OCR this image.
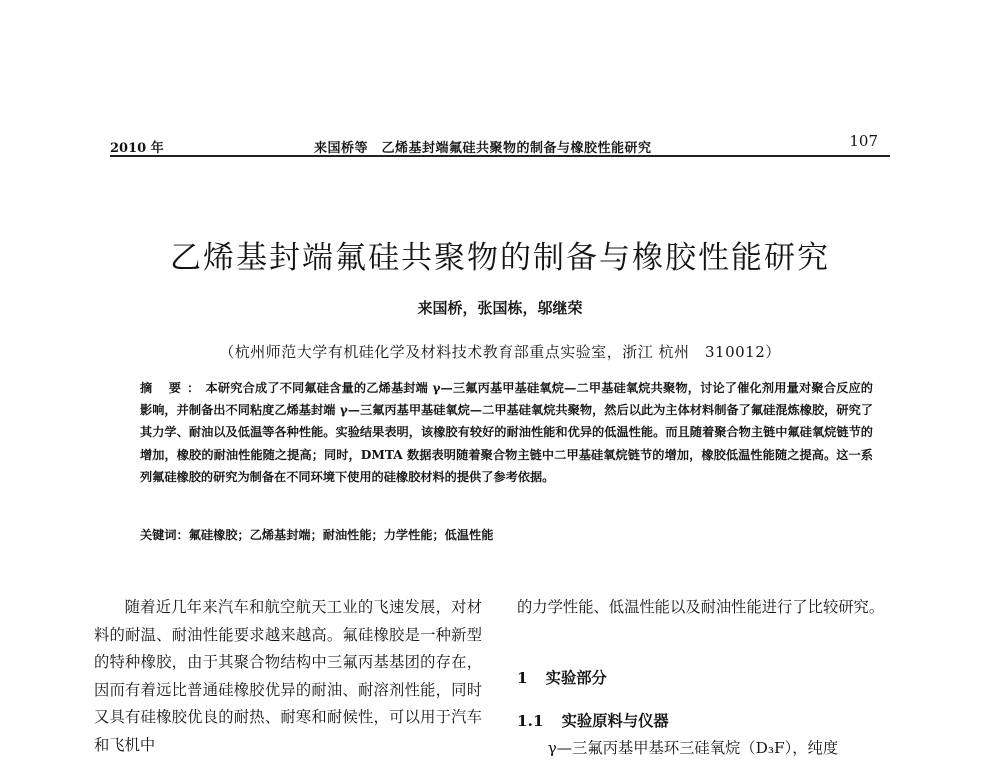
2010 年	来国桥等　乙烯基封端氟硅共聚物的制备与橡胶性能研究	107
乙烯基封端氟硅共聚物的制备与橡胶性能研究
来国桥，张国栋，邬继荣
（杭州师范大学有机硅化学及材料技术教育部重点实验室，浙江 杭州　310012）
摘 要：本研究合成了不同氟硅含量的乙烯基封端 γ—三氟丙基甲基硅氧烷—二甲基硅氧烷共聚物，讨论了催化剂用量对聚合反应的影响，并制备出不同粘度乙烯基封端 γ—三氟丙基甲基硅氧烷—二甲基硅氧烷共聚物，然后以此为主体材料制备了氟硅混炼橡胶，研究了其力学、耐油以及低温等各种性能。实验结果表明，该橡胶有较好的耐油性能和优异的低温性能。而且随着聚合物主链中氟硅氧烷链节的增加，橡胶的耐油性能随之提高；同时，DMTA 数据表明随着聚合物主链中二甲基硅氧烷链节的增加，橡胶低温性能随之提高。这一系列氟硅橡胶的研究为制备在不同环境下使用的硅橡胶材料的提供了参考依据。
关键词：氟硅橡胶；乙烯基封端；耐油性能；力学性能；低温性能

随着近几年来汽车和航空航天工业的飞速发展，对材料的耐温、耐油性能要求越来越高。氟硅橡胶是一种新型的特种橡胶，由于其聚合物结构中三氟丙基基团的存在，因而有着远比普通硅橡胶优异的耐油、耐溶剂性能，同时又具有硅橡胶优良的耐热、耐寒和耐候性，可以用于汽车和飞机中

的力学性能、低温性能以及耐油性能进行了比较研究。

1 实验部分
1.1 实验原料与仪器
γ—三氟丙基甲基环三硅氧烷（D₃F），纯度
